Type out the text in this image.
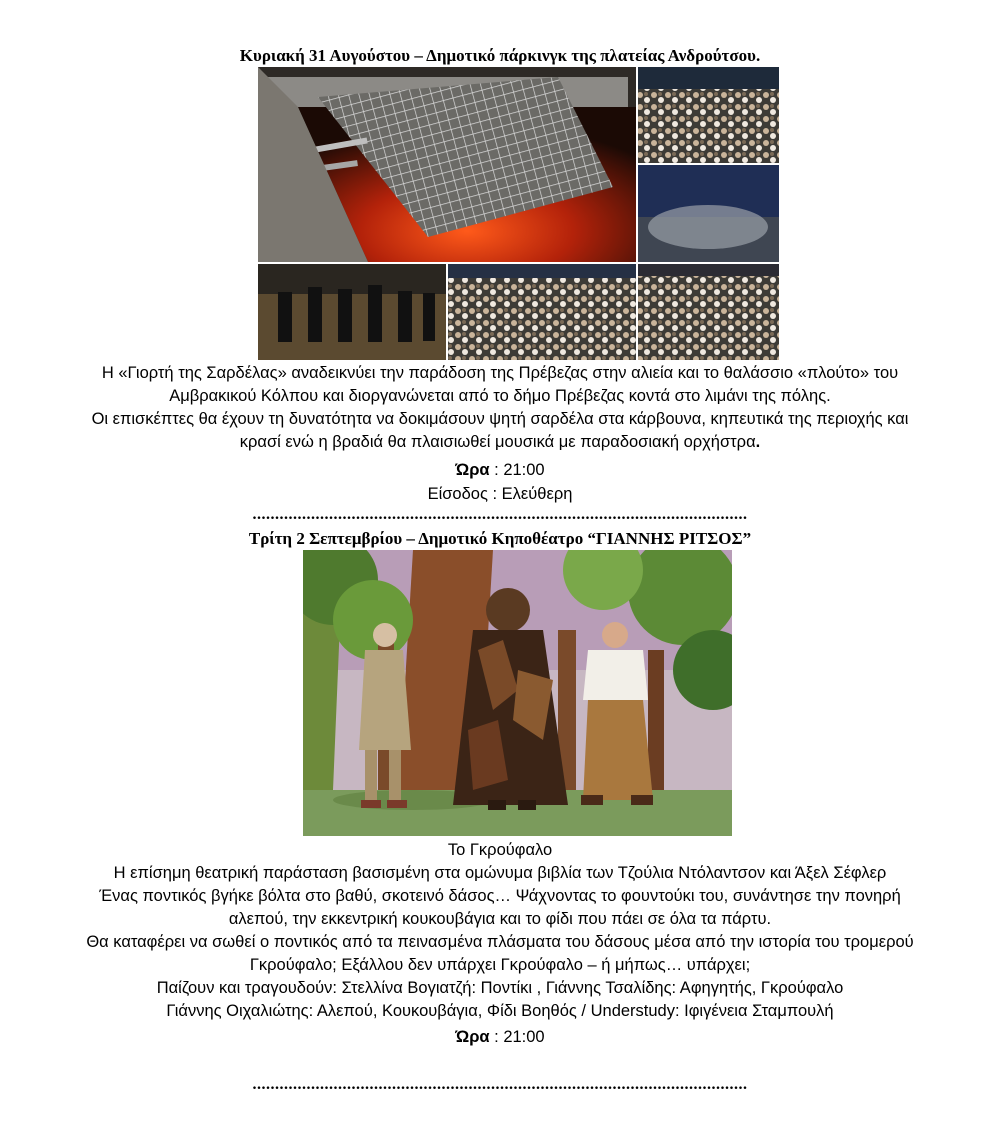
Κυριακή 31 Αυγούστου – Δημοτικό πάρκινγκ της πλατείας Ανδρούτσου.
Η «Γιορτή της Σαρδέλας» αναδεικνύει την παράδοση της Πρέβεζας στην αλιεία και το θαλάσσιο «πλούτο» του
Αμβρακικού Κόλπου και διοργανώνεται από το δήμο Πρέβεζας κοντά στο λιμάνι της πόλης.
Οι επισκέπτες θα έχουν τη δυνατότητα να δοκιμάσουν ψητή σαρδέλα στα κάρβουνα, κηπευτικά της περιοχής και
κρασί ενώ η βραδιά θα πλαισιωθεί μουσικά με παραδοσιακή ορχήστρα.
Ώρα : 21:00
Είσοδος : Ελεύθερη
..............................................................................................................
Τρίτη 2 Σεπτεμβρίου – Δημοτικό Κηποθέατρο “ΓΙΑΝΝΗΣ ΡΙΤΣΟΣ”
Το Γκρούφαλο
Η επίσημη θεατρική παράσταση βασισμένη στα ομώνυμα βιβλία των Τζούλια Ντόλαντσον και Άξελ Σέφλερ
Ένας ποντικός βγήκε βόλτα στο βαθύ, σκοτεινό δάσος… Ψάχνοντας το φουντούκι του, συνάντησε την πονηρή
αλεπού, την εκκεντρική κουκουβάγια και το φίδι που πάει σε όλα τα πάρτυ.
Θα καταφέρει να σωθεί ο ποντικός από τα πεινασμένα πλάσματα του δάσους μέσα από την ιστορία του τρομερού
Γκρούφαλο; Εξάλλου δεν υπάρχει Γκρούφαλο – ή μήπως… υπάρχει;
Παίζουν και τραγουδούν: Στελλίνα Βογιατζή: Ποντίκι , Γιάννης Τσαλίδης: Αφηγητής, Γκρούφαλο
Γιάννης Οιχαλιώτης: Αλεπού, Κουκουβάγια, Φίδι Βοηθός / Understudy: Ιφιγένεια Σταμπουλή
Ώρα : 21:00
..............................................................................................................
